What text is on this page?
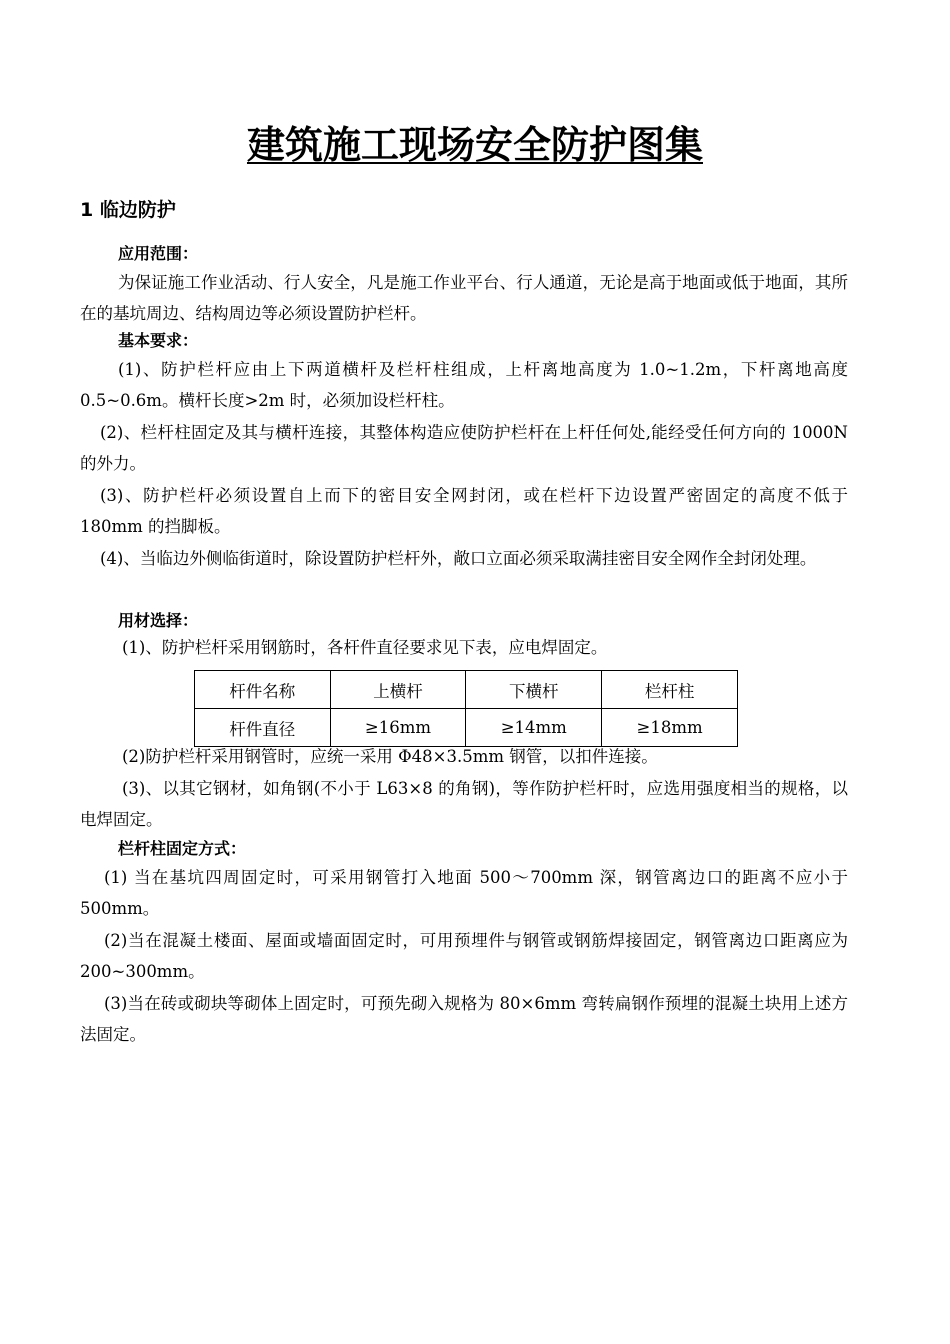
建筑施工现场安全防护图集
1 临边防护
应用范围：

为保证施工作业活动、行人安全，凡是施工作业平台、行人通道，无论是高于地面或低于地面，其所在的基坑周边、结构周边等必须设置防护栏杆。

基本要求：

(1)、防护栏杆应由上下两道横杆及栏杆柱组成，上杆离地高度为 1.0~1.2m，下杆离地高度 0.5~0.6m。横杆长度>2m 时，必须加设栏杆柱。

(2)、栏杆柱固定及其与横杆连接，其整体构造应使防护栏杆在上杆任何处,能经受任何方向的 1000N 的外力。

(3)、防护栏杆必须设置自上而下的密目安全网封闭，或在栏杆下边设置严密固定的高度不低于 180mm 的挡脚板。

(4)、当临边外侧临街道时，除设置防护栏杆外，敞口立面必须采取满挂密目安全网作全封闭处理。

用材选择：

(1)、防护栏杆采用钢筋时，各杆件直径要求见下表，应电焊固定。

杆件名称	上横杆	下横杆	栏杆柱
杆件直径	≥16mm	≥14mm	≥18mm

(2)防护栏杆采用钢管时，应统一采用 Φ48×3.5mm 钢管，以扣件连接。

(3)、以其它钢材，如角钢(不小于 L63×8 的角钢)，等作防护栏杆时，应选用强度相当的规格，以电焊固定。

栏杆柱固定方式：

(1) 当在基坑四周固定时，可采用钢管打入地面 500～700mm 深，钢管离边口的距离不应小于 500mm。

(2)当在混凝土楼面、屋面或墙面固定时，可用预埋件与钢管或钢筋焊接固定，钢管离边口距离应为 200~300mm。

(3)当在砖或砌块等砌体上固定时，可预先砌入规格为 80×6mm 弯转扁钢作预埋的混凝土块用上述方法固定。
